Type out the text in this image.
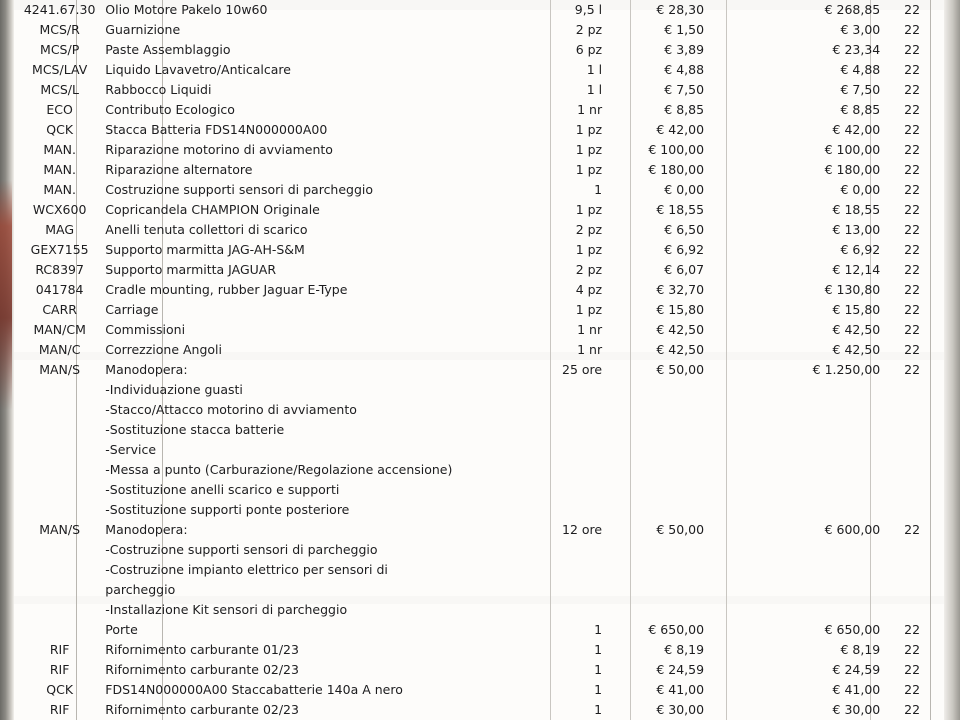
4241.67.30	Olio Motore Pakelo 10w60	9,5 l	€ 28,30		€ 268,85	22
MCS/R	Guarnizione	2 pz	€ 1,50		€ 3,00	22
MCS/P	Paste Assemblaggio	6 pz	€ 3,89		€ 23,34	22
MCS/LAV	Liquido Lavavetro/Anticalcare	1 l	€ 4,88		€ 4,88	22
MCS/L	Rabbocco Liquidi	1 l	€ 7,50		€ 7,50	22
ECO	Contributo Ecologico	1 nr	€ 8,85		€ 8,85	22
QCK	Stacca Batteria FDS14N000000A00	1 pz	€ 42,00		€ 42,00	22
MAN.	Riparazione motorino di avviamento	1 pz	€ 100,00		€ 100,00	22
MAN.	Riparazione alternatore	1 pz	€ 180,00		€ 180,00	22
MAN.	Costruzione supporti sensori di parcheggio	1	€ 0,00		€ 0,00	22
WCX600	Copricandela CHAMPION Originale	1 pz	€ 18,55		€ 18,55	22
MAG	Anelli tenuta collettori di scarico	2 pz	€ 6,50		€ 13,00	22
GEX7155	Supporto marmitta JAG-AH-S&M	1 pz	€ 6,92		€ 6,92	22
RC8397	Supporto marmitta JAGUAR	2 pz	€ 6,07		€ 12,14	22
041784	Cradle mounting, rubber Jaguar E-Type	4 pz	€ 32,70		€ 130,80	22
CARR	Carriage	1 pz	€ 15,80		€ 15,80	22
MAN/CM	Commissioni	1 nr	€ 42,50		€ 42,50	22
MAN/C	Correzzione Angoli	1 nr	€ 42,50		€ 42,50	22
MAN/S	Manodopera:	25 ore	€ 50,00		€ 1.250,00	22
	-Individuazione guasti					
	-Stacco/Attacco motorino di avviamento					
	-Sostituzione stacca batterie					
	-Service					
	-Messa a punto (Carburazione/Regolazione accensione)					
	-Sostituzione anelli scarico e supporti					
	-Sostituzione supporti ponte posteriore					
MAN/S	Manodopera:	12 ore	€ 50,00		€ 600,00	22
	-Costruzione supporti sensori di parcheggio					
	-Costruzione impianto elettrico per sensori di					
	parcheggio					
	-Installazione Kit sensori di parcheggio					
	Porte	1	€ 650,00		€ 650,00	22
RIF	Rifornimento carburante 01/23	1	€ 8,19		€ 8,19	22
RIF	Rifornimento carburante 02/23	1	€ 24,59		€ 24,59	22
QCK	FDS14N000000A00 Staccabatterie 140a A nero	1	€ 41,00		€ 41,00	22
RIF	Rifornimento carburante 02/23	1	€ 30,00		€ 30,00	22
